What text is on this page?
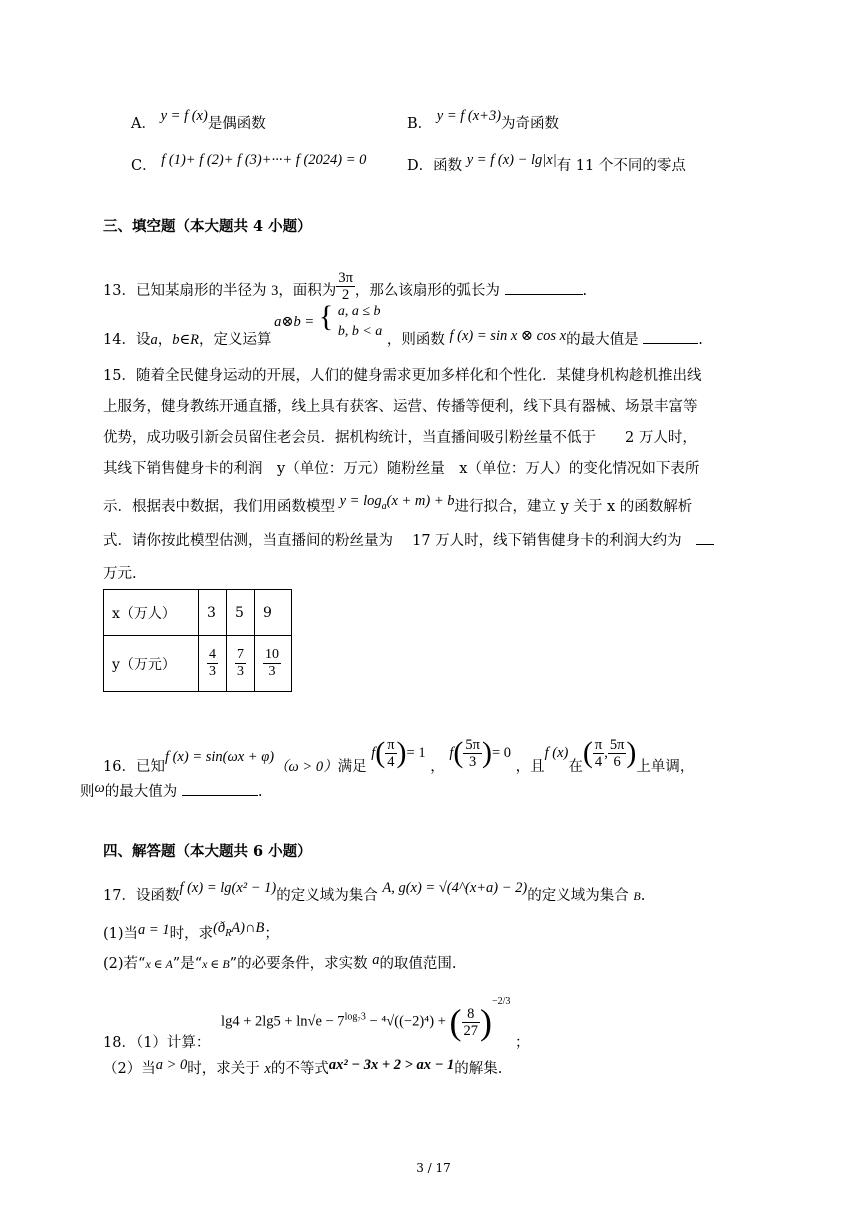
A． y = f (x)是偶函数	B． y = f (x+3)为奇函数
C． f (1)+ f (2)+ f (3)+···+ f (2024) = 0	D．函数 y = f (x) − lg|x|有 11 个不同的零点
三、填空题（本大题共 4 小题）
13．已知某扇形的半径为 3，面积为 $\frac{3\pi}{2}$ ，那么该扇形的弧长为	.
14．设a，b∈R，定义运算 a⊗b = { a, a ≤ b
b, b < a
，则函数 f (x) = sin x ⊗ cos x的最大值是	.
15．随着全民健身运动的开展，人们的健身需求更加多样化和个性化．某健身机构趁机推出线
上服务，健身教练开通直播，线上具有获客、运营、传播等便利，线下具有器械、场景丰富等
优势，成功吸引新会员留住老会员．据机构统计，当直播间吸引粉丝量不低于　　2 万人时，
其线下销售健身卡的利润　y（单位：万元）随粉丝量　x（单位：万人）的变化情况如下表所
示．根据表中数据，我们用函数模型 $y = \log_a(x + m) + b$进行拟合，建立 y 关于 x 的函数解析
式．请你按此模型估测，当直播间的粉丝量为　 17 万人时，线下销售健身卡的利润大约为
万元.
x（万人）	3	5	9
y（万元）	$\frac{4}{3}$	$\frac{7}{3}$	$\frac{10}{3}$
16．已知f (x) = sin(ωx + φ)（ω > 0）满足 $f( \frac{\pi}{4}$ )= 1 ， $f( \frac{5\pi}{3}$ )= 0 ，且f (x)在( $\frac{\pi}{4}$ , $\frac{5\pi}{6}$ )上单调，
则ω的最大值为	.
四、解答题（本大题共 6 小题）
17．设函数f (x) = lg(x² − 1)的定义域为集合 A, g(x) = √(4^(x+a) − 2)的定义域为集合 B.
(1)当a = 1时，求$(ð_RA)\cap B$；
(2)若“x ∈ A”是“x ∈ B”的必要条件，求实数 a的取值范围.
18．（1）计算： $\lg 4 + 2\lg 5 + \ln√e - 7^{log_73} - ^4√((-2)^4)$ + ( $\frac{8}{27} )^{-2/3}$ ；
（2）当a > 0时，求关于 x的不等式ax² − 3x + 2 > ax − 1的解集.
3 / 17
